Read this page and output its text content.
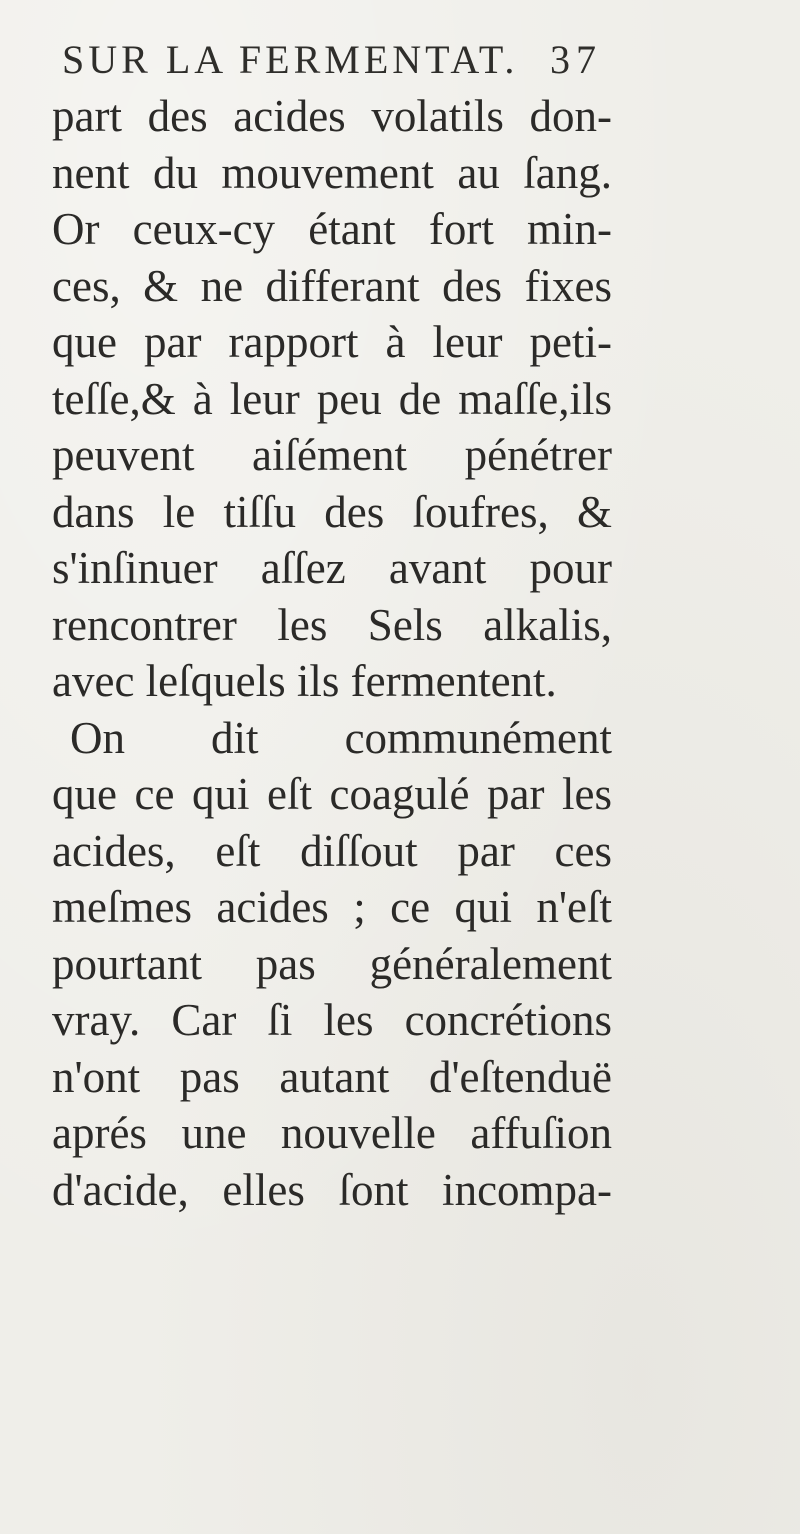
SUR LA FERMENTAT. 37
part des acides volatils don-
nent du mouvement au ſang.
Or ceux-cy étant fort min-
ces, & ne differant des fixes
que par rapport à leur peti-
teſſe,& à leur peu de maſſe,ils
peuvent aiſément pénétrer
dans le tiſſu des ſoufres, &
s'inſinuer aſſez avant pour
rencontrer les Sels alkalis,
avec leſquels ils fermentent.
On dit communément
que ce qui eſt coagulé par les
acides, eſt diſſout par ces
meſmes acides ; ce qui n'eſt
pourtant pas généralement
vray. Car ſi les concrétions
n'ont pas autant d'eſtenduë
aprés une nouvelle affuſion
d'acide, elles ſont incompa-
